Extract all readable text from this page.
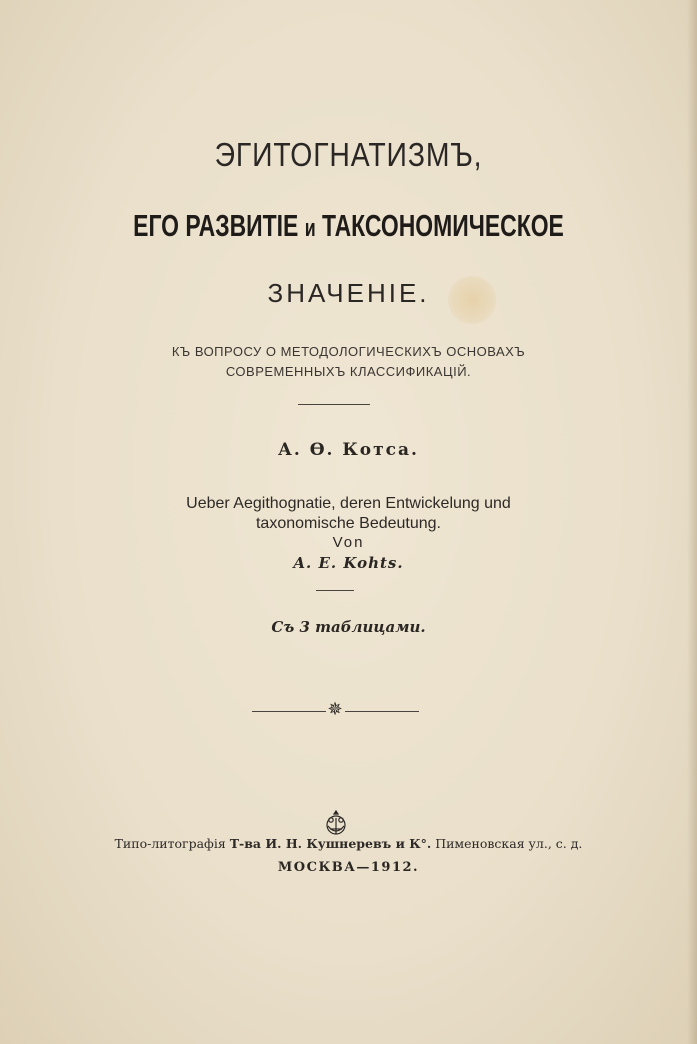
ЭГИТОГНАТИЗМЪ,
ЕГО РАЗВИТІЕ и ТАКСОНОМИЧЕСКОЕ
ЗНАЧЕНІЕ.
КЪ ВОПРОСУ О МЕТОДОЛОГИЧЕСКИХЪ ОСНОВАХЪ
СОВРЕМЕННЫХЪ КЛАССИФИКАЦІЙ.
А. Ѳ. Котса.
Ueber Aegithognatie, deren Entwickelung und
taxonomische Bedeutung.
Von
A. E. Kohts.
Съ 3 таблицами.
✵
Типо-литографія Т-ва И. Н. Кушнеревъ и К°. Пименовская ул., с. д.
МОСКВА—1912.
